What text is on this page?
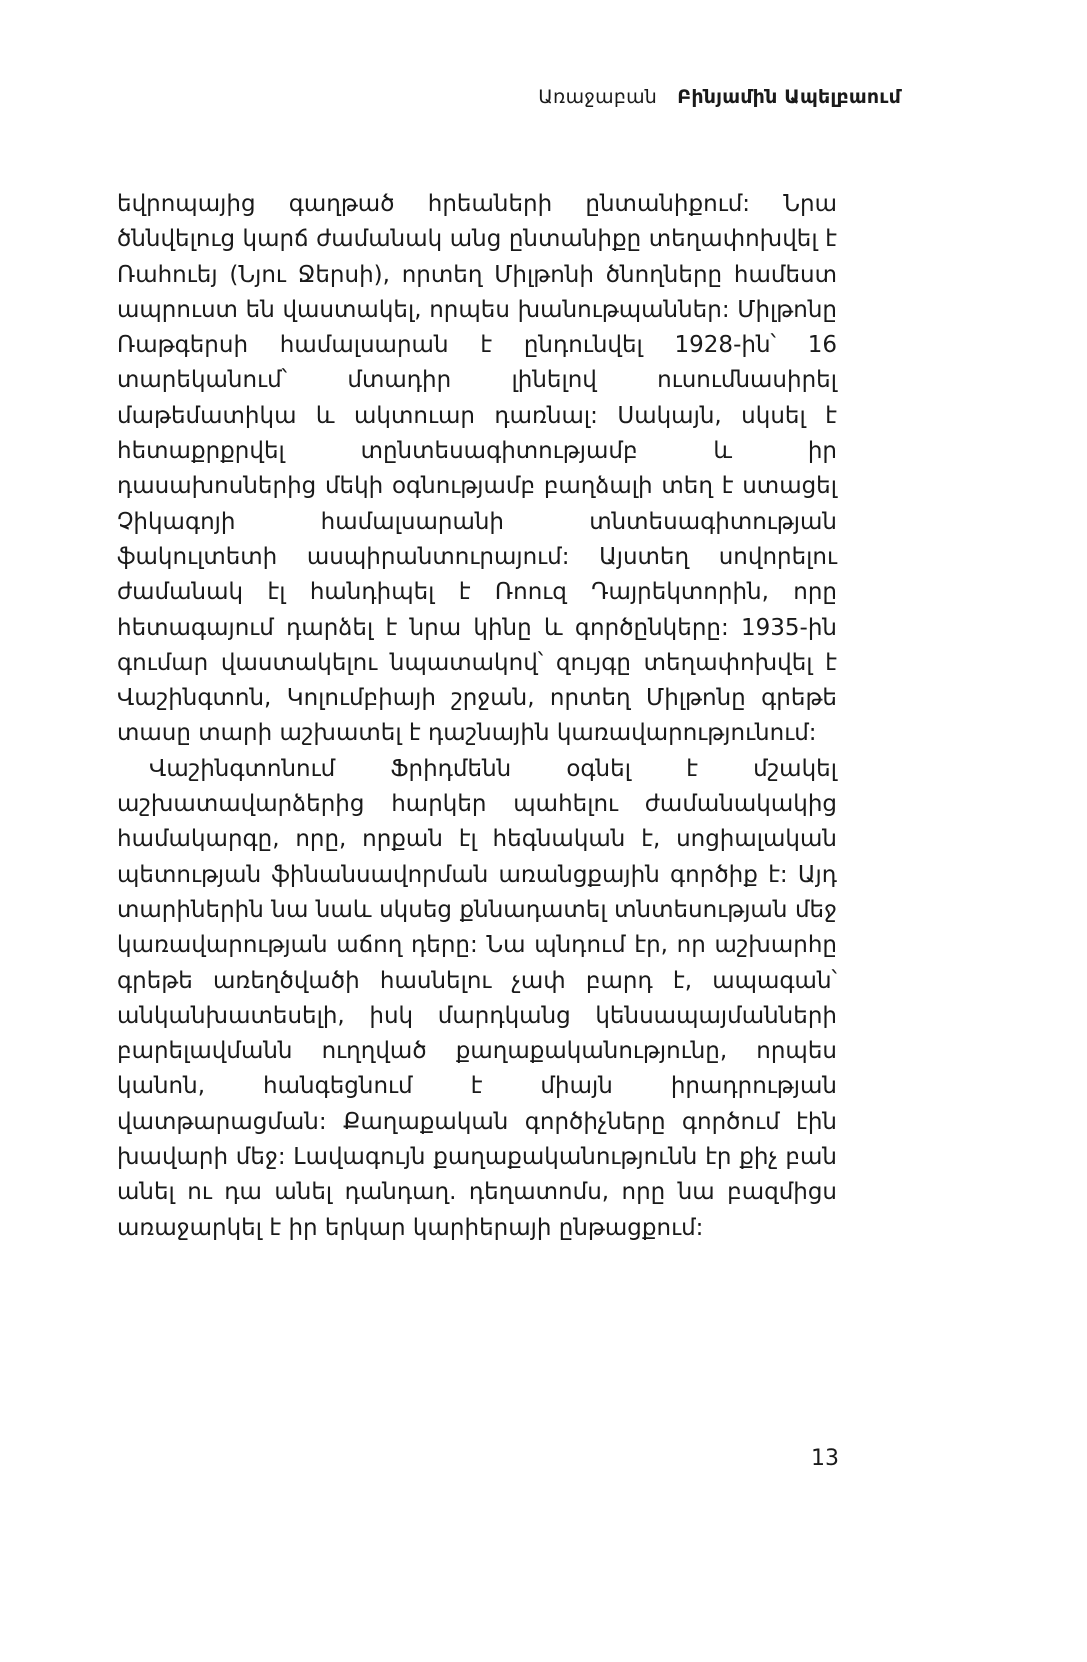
Առաջաբան Բինյամին Ապելբաում

եվրոպայից գաղթած հրեաների ընտանիքում: Նրա ծննվելուց կարճ ժամանակ անց ընտանիքը տեղափոխվել է Ռահուեյ (Նյու Ջերսի), որտեղ Միլթոնի ծնողները համեստ ապրուստ են վաստակել, որպես խանութպաններ: Միլթոնը Ռաթգերսի համալսարան է ընդունվել 1928-ին՝ 16 տարեկանում՝ մտադիր լինելով ուսումնասիրել մաթեմատիկա և ակտուար դառնալ: Սակայն, սկսել է հետաքրքրվել տընտեսագիտությամբ և իր դասախոսներից մեկի օգնությամբ բաղձալի տեղ է ստացել Չիկագոյի համալսարանի տնտեսագիտության ֆակուլտետի ասպիրանտուրայում: Այստեղ սովորելու ժամանակ էլ հանդիպել է Ռոուզ Դայրեկտորին, որը հետագայում դարձել է նրա կինը և գործընկերը: 1935-ին գումար վաստակելու նպատակով՝ զույգը տեղափոխվել է Վաշինգտոն, Կոլումբիայի շրջան, որտեղ Միլթոնը գրեթե տասը տարի աշխատել է դաշնային կառավարությունում:

Վաշինգտոնում Ֆրիդմենն օգնել է մշակել աշխատավարձերից հարկեր պահելու ժամանակակից համակարգը, որը, որքան էլ հեգնական է, սոցիալական պետության ֆինանսավորման առանցքային գործիք է: Այդ տարիներին նա նաև սկսեց քննադատել տնտեսության մեջ կառավարության աճող դերը: Նա պնդում էր, որ աշխարհը գրեթե առեղծվածի հասնելու չափ բարդ է, ապագան՝ անկանխատեսելի, իսկ մարդկանց կենսապայմանների բարելավմանն ուղղված քաղաքականությունը, որպես կանոն, հանգեցնում է միայն իրադրության վատթարացման: Քաղաքական գործիչները գործում էին խավարի մեջ: Լավագույն քաղաքականությունն էր քիչ բան անել ու դա անել դանդաղ. դեղատոմս, որը նա բազմիցս առաջարկել է իր երկար կարիերայի ընթացքում:

13
